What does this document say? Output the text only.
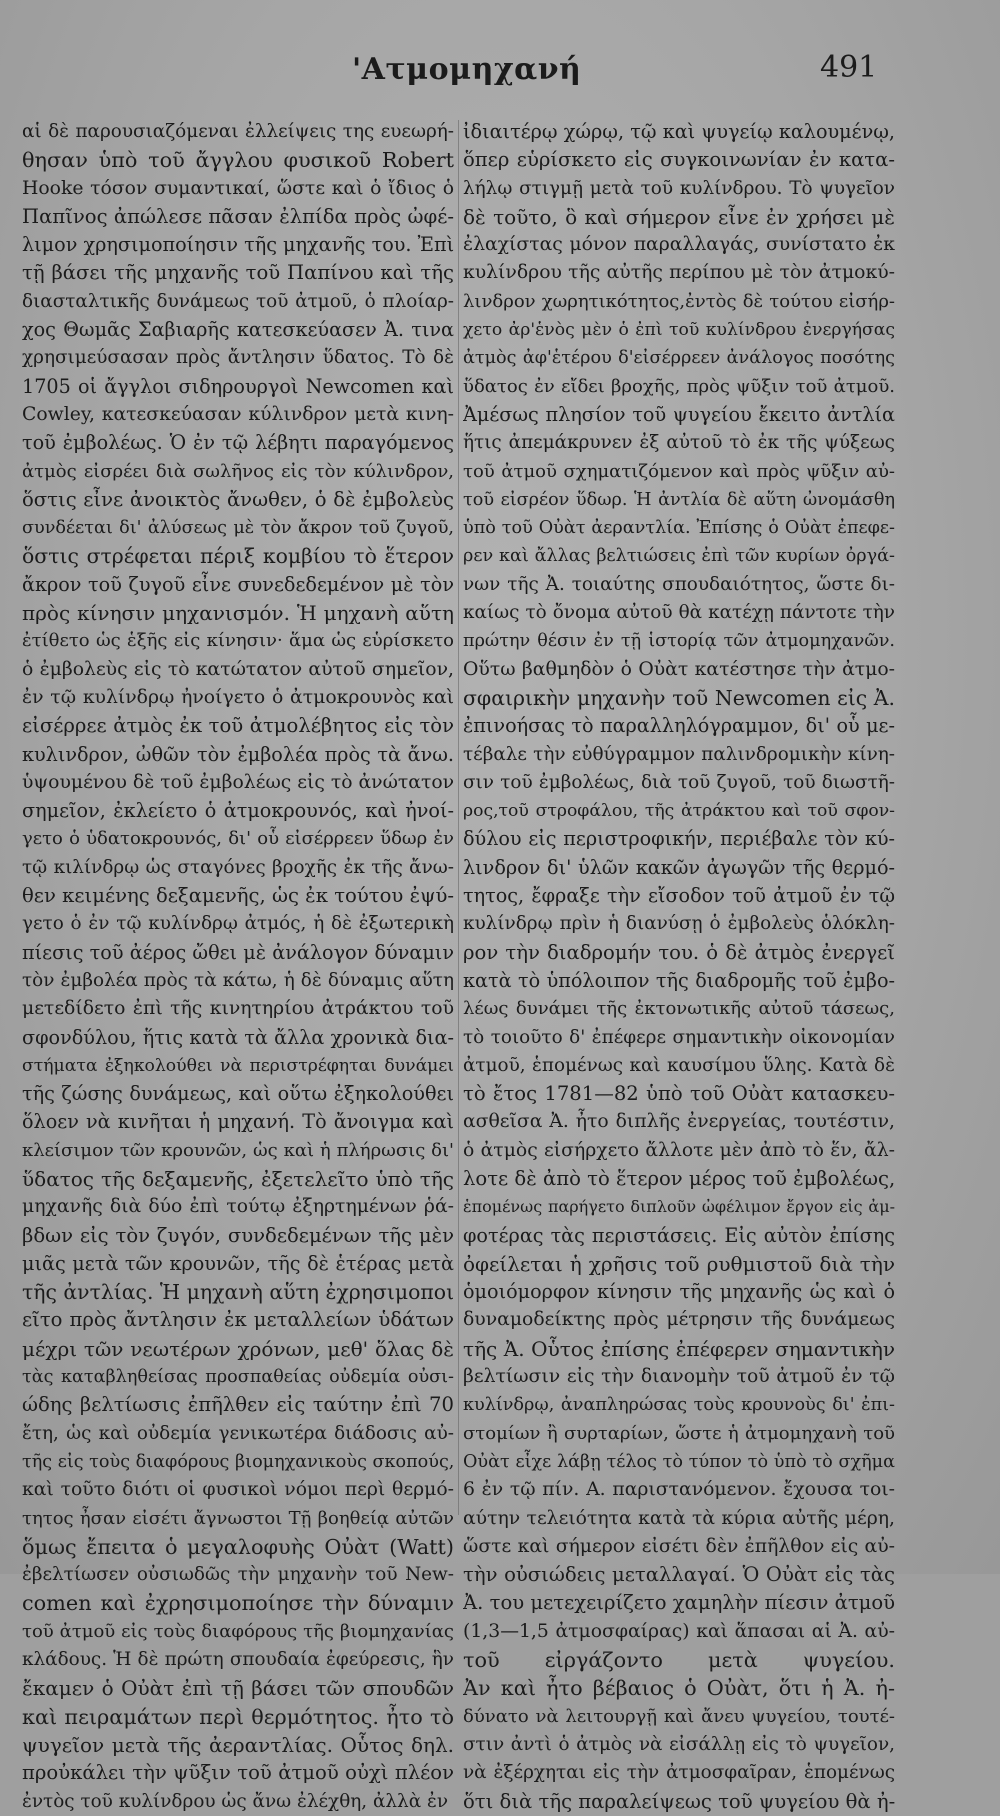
'Ατμομηχανή	491
αἱ δὲ παρουσιαζόμεναι ἐλλείψεις της ευεωρή-
θησαν ὑπὸ τοῦ ἄγγλου φυσικοῦ Robert
Hooke τόσον συμαντικαί, ὥστε καὶ ὁ ἴδιος ὁ
Παπῖνος ἀπώλεσε πᾶσαν ἐλπίδα πρὸς ὠφέ-
λιμον χρησιμοποίησιν τῆς μηχανῆς του. Ἐπὶ
τῇ βάσει τῆς μηχανῆς τοῦ Παπίνου καὶ τῆς
διασταλτικῆς δυνάμεως τοῦ ἀτμοῦ, ὁ πλοίαρ-
χος Θωμᾶς Σαβιαρῆς κατεσκεύασεν Ἀ. τινα
χρησιμεύσασαν πρὸς ἄντλησιν ὕδατος. Τὸ δὲ
1705 οἱ ἄγγλοι σιδηρουργοὶ Newcomen καὶ
Cowley, κατεσκεύασαν κύλινδρον μετὰ κινη-
τοῦ ἐμβολέως. Ὁ ἐν τῷ λέβητι παραγόμενος
ἀτμὸς εἰσρέει διὰ σωλῆνος εἰς τὸν κύλινδρον,
ὅστις εἶνε ἀνοικτὸς ἄνωθεν, ὁ δὲ ἐμβολεὺς
συνδέεται δι' ἀλύσεως μὲ τὸν ἄκρον τοῦ ζυγοῦ,
ὅστις στρέφεται πέριξ κομβίου τὸ ἕτερον
ἄκρον τοῦ ζυγοῦ εἶνε συνεδεδεμένον μὲ τὸν
πρὸς κίνησιν μηχανισμόν. Ἡ μηχανὴ αὕτη
ἐτίθετο ὡς ἑξῆς εἰς κίνησιν· ἅμα ὡς εὑρίσκετο
ὁ ἐμβολεὺς εἰς τὸ κατώτατον αὐτοῦ σημεῖον,
ἐν τῷ κυλίνδρῳ ἠνοίγετο ὁ ἀτμοκρουνὸς καὶ
εἰσέρρεε ἀτμὸς ἐκ τοῦ ἀτμολέβητος εἰς τὸν
κυλινδρον, ὠθῶν τὸν ἐμβολέα πρὸς τὰ ἄνω.
ὑψουμένου δὲ τοῦ ἐμβολέως εἰς τὸ ἀνώτατον
σημεῖον, ἐκλείετο ὁ ἀτμοκρουνός, καὶ ἠνοί-
γετο ὁ ὑδατοκρουνός, δι' οὗ εἰσέρρεεν ὕδωρ ἐν
τῷ κιλίνδρῳ ὡς σταγόνες βροχῆς ἐκ τῆς ἄνω-
θεν κειμένης δεξαμενῆς, ὡς ἐκ τούτου ἐψύ-
γετο ὁ ἐν τῷ κυλίνδρῳ ἀτμός, ἡ δὲ ἐξωτερικὴ
πίεσις τοῦ ἀέρος ὤθει μὲ ἀνάλογον δύναμιν
τὸν ἐμβολέα πρὸς τὰ κάτω, ἡ δὲ δύναμις αὕτη
μετεδίδετο ἐπὶ τῆς κινητηρίου ἀτράκτου τοῦ
σφονδύλου, ἥτις κατὰ τὰ ἄλλα χρονικὰ δια-
στήματα ἐξηκολούθει νὰ περιστρέφηται δυνάμει
τῆς ζώσης δυνάμεως, καὶ οὕτω ἐξηκολούθει
ὅλοεν νὰ κινῆται ἡ μηχανή. Τὸ ἄνοιγμα καὶ
κλείσιμον τῶν κρουνῶν, ὡς καὶ ἡ πλήρωσις δι'
ὕδατος τῆς δεξαμενῆς, ἐξετελεῖτο ὑπὸ τῆς
μηχανῆς διὰ δύο ἐπὶ τούτῳ ἐξηρτημένων ῥά-
βδων εἰς τὸν ζυγόν, συνδεδεμένων τῆς μὲν
μιᾶς μετὰ τῶν κρουνῶν, τῆς δὲ ἑτέρας μετὰ
τῆς ἀντλίας. Ἡ μηχανὴ αὕτη ἐχρησιμοποι
εῖτο πρὸς ἄντλησιν ἐκ μεταλλείων ὑδάτων
μέχρι τῶν νεωτέρων χρόνων, μεθ' ὅλας δὲ
τὰς καταβληθείσας προσπαθείας οὐδεμία οὐσι-
ώδης βελτίωσις ἐπῆλθεν εἰς ταύτην ἐπὶ 70
ἔτη, ὡς καὶ οὐδεμία γενικωτέρα διάδοσις αὐ-
τῆς εἰς τοὺς διαφόρους βιομηχανικοὺς σκοπούς,
καὶ τοῦτο διότι οἱ φυσικοὶ νόμοι περὶ θερμό-
τητος ἦσαν εἰσέτι ἄγνωστοι Τῇ βοηθείᾳ αὐτῶν
ὅμως ἔπειτα ὁ μεγαλοφυὴς Οὐὰτ (Watt)
ἐβελτίωσεν οὐσιωδῶς τὴν μηχανὴν τοῦ New-
comen καὶ ἐχρησιμοποίησε τὴν δύναμιν
τοῦ ἀτμοῦ εἰς τοὺς διαφόρους τῆς βιομηχανίας
κλάδους. Ἡ δὲ πρώτη σπουδαία ἐφεύρεσις, ἣν
ἔκαμεν ὁ Οὐὰτ ἐπὶ τῇ βάσει τῶν σπουδῶν
καὶ πειραμάτων περὶ θερμότητος. ἦτο τὸ
ψυγεῖον μετὰ τῆς ἀεραντλίας. Οὗτος δηλ.
προὐκάλει τὴν ψῦξιν τοῦ ἀτμοῦ οὐχὶ πλέον
ἐντὸς τοῦ κυλίνδρου ὡς ἄνω ἐλέχθη, ἀλλὰ ἐν
ἰδιαιτέρῳ χώρῳ, τῷ καὶ ψυγείῳ καλουμένῳ,
ὅπερ εὑρίσκετο εἰς συγκοινωνίαν ἐν κατα-
λήλῳ στιγμῇ μετὰ τοῦ κυλίνδρου. Τὸ ψυγεῖον
δὲ τοῦτο, ὃ καὶ σήμερον εἶνε ἐν χρήσει μὲ
ἐλαχίστας μόνον παραλλαγάς, συνίστατο ἐκ
κυλίνδρου τῆς αὐτῆς περίπου μὲ τὸν ἀτμοκύ-
λινδρον χωρητικότητος,ἐντὸς δὲ τούτου εἰσήρ-
χετο ἀρ'ἑνὸς μὲν ὁ ἐπὶ τοῦ κυλίνδρου ἐνεργήσας
ἀτμὸς ἀφ'ἑτέρου δ'εἰσέρρεεν ἀνάλογος ποσότης
ὕδατος ἐν εἴδει βροχῆς, πρὸς ψῦξιν τοῦ ἀτμοῦ.
Ἀμέσως πλησίον τοῦ ψυγείου ἔκειτο ἀντλία
ἥτις ἀπεμάκρυνεν ἐξ αὐτοῦ τὸ ἐκ τῆς ψύξεως
τοῦ ἀτμοῦ σχηματιζόμενον καὶ πρὸς ψῦξιν αὐ-
τοῦ εἰσρέον ὕδωρ. Ἡ ἀντλία δὲ αὕτη ὠνομάσθη
ὑπὸ τοῦ Οὐὰτ ἀεραντλία. Ἐπίσης ὁ Οὐὰτ ἐπεφε-
ρεν καὶ ἄλλας βελτιώσεις ἐπὶ τῶν κυρίων ὀργά-
νων τῆς Ἀ. τοιαύτης σπουδαιότητος, ὥστε δι-
καίως τὸ ὄνομα αὐτοῦ θὰ κατέχῃ πάντοτε τὴν
πρώτην θέσιν ἐν τῇ ἱστορίᾳ τῶν ἀτμομηχανῶν.
Οὕτω βαθμηδὸν ὁ Οὐὰτ κατέστησε τὴν ἀτμο-
σφαιρικὴν μηχανὴν τοῦ Newcomen εἰς Ἀ.
ἐπινοήσας τὸ παραλληλόγραμμον, δι' οὗ με-
τέβαλε τὴν εὐθύγραμμον παλινδρομικὴν κίνη-
σιν τοῦ ἐμβολέως, διὰ τοῦ ζυγοῦ, τοῦ διωστῆ-
ρος,τοῦ στροφάλου, τῆς ἀτράκτου καὶ τοῦ σφον-
δύλου εἰς περιστροφικήν, περιέβαλε τὸν κύ-
λινδρον δι' ὑλῶν κακῶν ἀγωγῶν τῆς θερμό-
τητος, ἔφραξε τὴν εἴσοδον τοῦ ἀτμοῦ ἐν τῷ
κυλίνδρῳ πρὶν ἡ διανύσῃ ὁ ἐμβολεὺς ὁλόκλη-
ρον τὴν διαδρομήν του. ὁ δὲ ἀτμὸς ἐνεργεῖ
κατὰ τὸ ὑπόλοιπον τῆς διαδρομῆς τοῦ ἐμβο-
λέως δυνάμει τῆς ἐκτονωτικῆς αὐτοῦ τάσεως,
τὸ τοιοῦτο δ' ἐπέφερε σημαντικὴν οἰκονομίαν
ἀτμοῦ, ἑπομένως καὶ καυσίμου ὕλης. Κατὰ δὲ
τὸ ἔτος 1781—82 ὑπὸ τοῦ Οὐὰτ κατασκευ-
ασθεῖσα Ἀ. ἦτο διπλῆς ἐνεργείας, τουτέστιν,
ὁ ἀτμὸς εἰσήρχετο ἄλλοτε μὲν ἀπὸ τὸ ἕν, ἄλ-
λοτε δὲ ἀπὸ τὸ ἕτερον μέρος τοῦ ἐμβολέως,
ἑπομένως παρήγετο διπλοῦν ὠφέλιμον ἔργον εἰς ἀμ-
φοτέρας τὰς περιστάσεις. Εἰς αὐτὸν ἐπίσης
ὀφείλεται ἡ χρῆσις τοῦ ρυθμιστοῦ διὰ τὴν
ὁμοιόμορφον κίνησιν τῆς μηχανῆς ὡς καὶ ὁ
δυναμοδείκτης πρὸς μέτρησιν τῆς δυνάμεως
τῆς Ἀ. Οὗτος ἐπίσης ἐπέφερεν σημαντικὴν
βελτίωσιν εἰς τὴν διανομὴν τοῦ ἀτμοῦ ἐν τῷ
κυλίνδρῳ, ἀναπληρώσας τοὺς κρουνοὺς δι' ἐπι-
στομίων ἢ συρταρίων, ὥστε ἡ ἀτμομηχανὴ τοῦ
Οὐὰτ εἶχε λάβῃ τέλος τὸ τύπον τὸ ὑπὸ τὸ σχῆμα
6 ἐν τῷ πίν. Α. παριστανόμενον. ἔχουσα τοι-
αύτην τελειότητα κατὰ τὰ κύρια αὐτῆς μέρη,
ὥστε καὶ σήμερον εἰσέτι δὲν ἐπῆλθον εἰς αὐ-
τὴν οὐσιώδεις μεταλλαγαί. Ὁ Οὐὰτ εἰς τὰς
Ἀ. του μετεχειρίζετο χαμηλὴν πίεσιν ἀτμοῦ
(1,3—1,5 ἀτμοσφαίρας) καὶ ἅπασαι αἱ Ἀ. αὐ-
τοῦ εἰργάζοντο μετὰ ψυγείου.
Ἀν καὶ ἦτο βέβαιος ὁ Οὐὰτ, ὅτι ἡ Ἀ. ἠ-
δύνατο νὰ λειτουργῇ καὶ ἄνευ ψυγείου, τουτέ-
στιν ἀντὶ ὁ ἀτμὸς νὰ εἰσάλλῃ εἰς τὸ ψυγεῖον,
νὰ ἐξέρχηται εἰς τὴν ἀτμοσφαῖραν, ἑπομένως
ὅτι διὰ τῆς παραλείψεως τοῦ ψυγείου θὰ ἠ-
